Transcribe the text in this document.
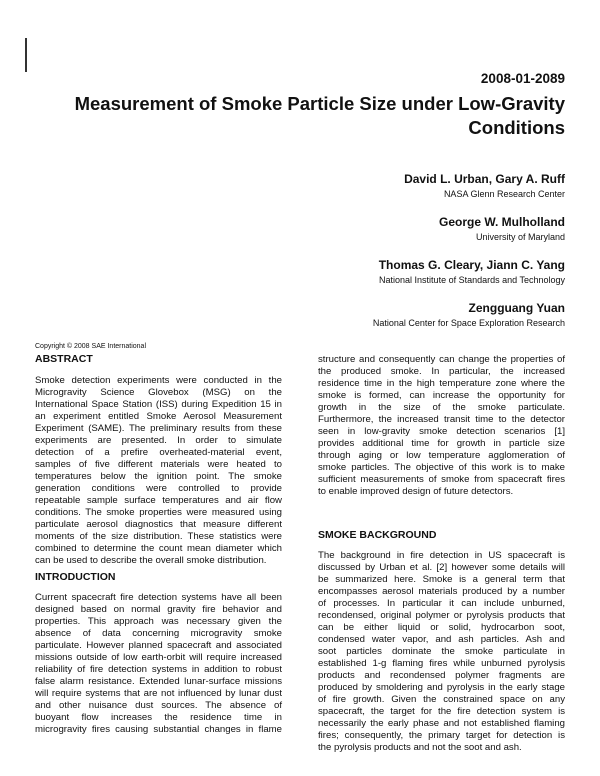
2008-01-2089
Measurement of Smoke Particle Size under Low-Gravity
Conditions
David L. Urban, Gary A. Ruff
NASA Glenn Research Center
George W. Mulholland
University of Maryland
Thomas G. Cleary, Jiann C. Yang
National Institute of Standards and Technology
Zengguang Yuan
National Center for Space Exploration Research
Copyright © 2008 SAE International
ABSTRACT
Smoke detection experiments were conducted in the
Microgravity Science Glovebox (MSG) on the
International Space Station (ISS) during Expedition 15 in
an experiment entitled Smoke Aerosol Measurement
Experiment (SAME). The preliminary results from these
experiments are presented. In order to simulate
detection of a prefire overheated-material event,
samples of five different materials were heated to
temperatures below the ignition point. The smoke
generation conditions were controlled to provide
repeatable sample surface temperatures and air flow
conditions. The smoke properties were measured using
particulate aerosol diagnostics that measure different
moments of the size distribution. These statistics were
combined to determine the count mean diameter which
can be used to describe the overall smoke distribution.
INTRODUCTION
Current spacecraft fire detection systems have all been
designed based on normal gravity fire behavior and
properties. This approach was necessary given the
absence of data concerning microgravity smoke
particulate. However planned spacecraft and associated
missions outside of low earth-orbit will require increased
reliability of fire detection systems in addition to robust
false alarm resistance. Extended lunar-surface missions
will require systems that are not influenced by lunar dust
and other nuisance dust sources. The absence of
buoyant flow increases the residence time in
microgravity fires causing substantial changes in flame
structure and consequently can change the properties of
the produced smoke. In particular, the increased
residence time in the high temperature zone where the
smoke is formed, can increase the opportunity for
growth in the size of the smoke particulate.
Furthermore, the increased transit time to the detector
seen in low-gravity smoke detection scenarios [1]
provides additional time for growth in particle size
through aging or low temperature agglomeration of
smoke particles. The objective of this work is to make
sufficient measurements of smoke from spacecraft fires
to enable improved design of future detectors.
SMOKE BACKGROUND
The background in fire detection in US spacecraft is
discussed by Urban et al. [2] however some details will
be summarized here. Smoke is a general term that
encompasses aerosol materials produced by a number
of processes. In particular it can include unburned,
recondensed, original polymer or pyrolysis products that
can be either liquid or solid, hydrocarbon soot,
condensed water vapor, and ash particles. Ash and
soot particles dominate the smoke particulate in
established 1-g flaming fires while unburned pyrolysis
products and recondensed polymer fragments are
produced by smoldering and pyrolysis in the early stage
of fire growth. Given the constrained space on any
spacecraft, the target for the fire detection system is
necessarily the early phase and not established flaming
fires; consequently, the primary target for detection is
the pyrolysis products and not the soot and ash.
